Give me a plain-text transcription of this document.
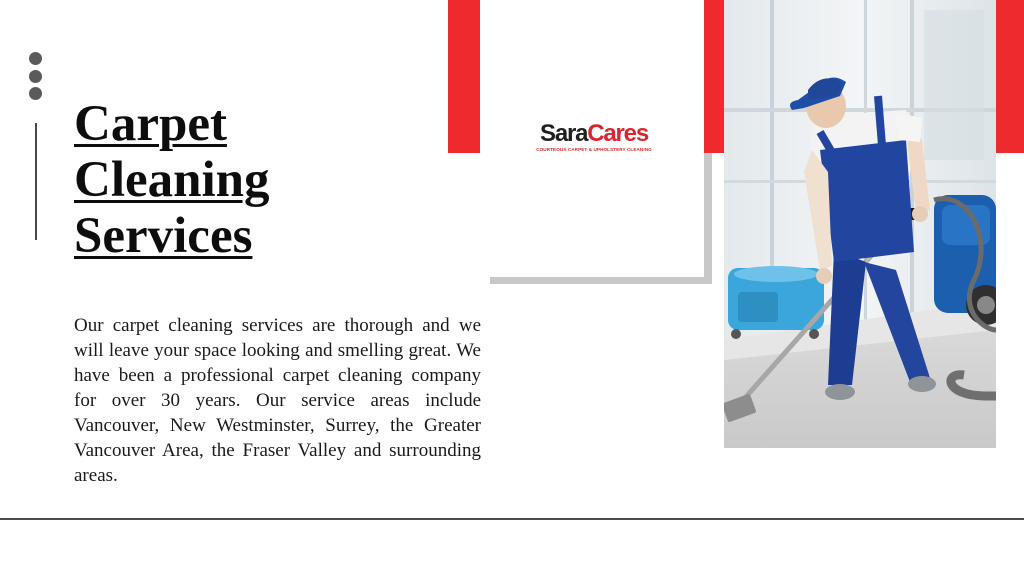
Carpet
Cleaning
Services

Our carpet cleaning services are thorough and we will leave your space looking and smelling great. We have been a professional carpet cleaning company for over 30 years. Our service areas include Vancouver, New Westminster, Surrey, the Greater Vancouver Area, the Fraser Valley and surrounding areas.

SaraCares
COURTEOUS CARPET & UPHOLSTERY CLEANING
